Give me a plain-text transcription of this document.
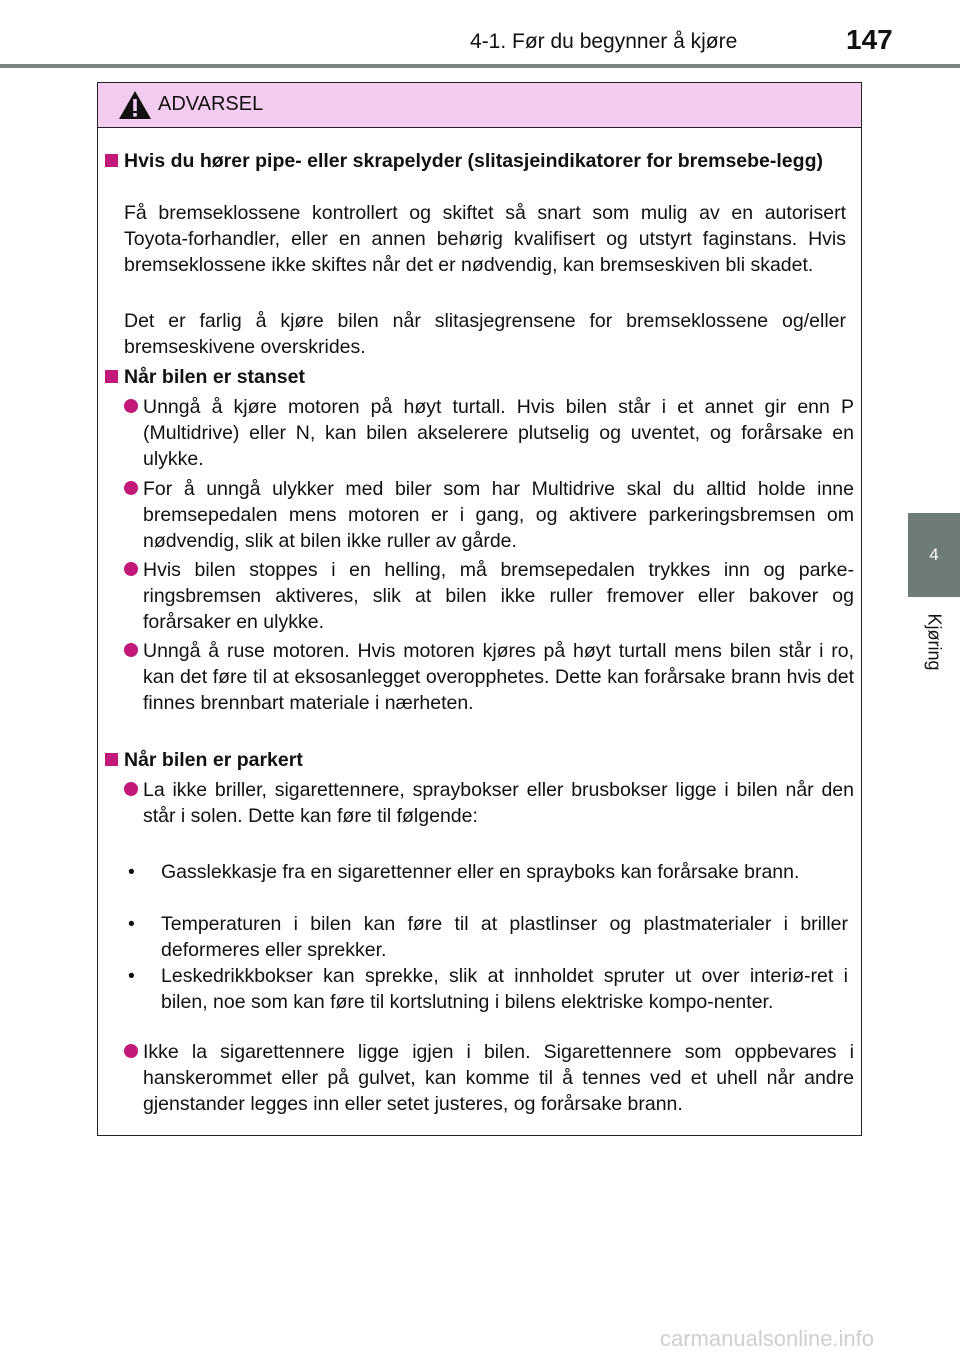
4-1. Før du begynner å kjøre	147
4
Kjøring
ADVARSEL
Hvis du hører pipe- eller skrapelyder (slitasjeindikatorer for bremsebe-legg)
Få bremseklossene kontrollert og skiftet så snart som mulig av en autorisert Toyota-forhandler, eller en annen behørig kvalifisert og utstyrt faginstans. Hvis bremseklossene ikke skiftes når det er nødvendig, kan bremseskiven bli skadet.
Det er farlig å kjøre bilen når slitasjegrensene for bremseklossene og/eller bremseskivene overskrides.
Når bilen er stanset
Unngå å kjøre motoren på høyt turtall. Hvis bilen står i et annet gir enn P (Multidrive) eller N, kan bilen akselerere plutselig og uventet, og forårsake en ulykke.
For å unngå ulykker med biler som har Multidrive skal du alltid holde inne bremsepedalen mens motoren er i gang, og aktivere parkeringsbremsen om nødvendig, slik at bilen ikke ruller av gårde.
Hvis bilen stoppes i en helling, må bremsepedalen trykkes inn og parke-ringsbremsen aktiveres, slik at bilen ikke ruller fremover eller bakover og forårsaker en ulykke.
Unngå å ruse motoren. Hvis motoren kjøres på høyt turtall mens bilen står i ro, kan det føre til at eksosanlegget overopphetes. Dette kan forårsake brann hvis det finnes brennbart materiale i nærheten.
Når bilen er parkert
La ikke briller, sigarettennere, spraybokser eller brusbokser ligge i bilen når den står i solen. Dette kan føre til følgende:
• Gasslekkasje fra en sigarettenner eller en sprayboks kan forårsake brann.
• Temperaturen i bilen kan føre til at plastlinser og plastmaterialer i briller deformeres eller sprekker.
• Leskedrikkbokser kan sprekke, slik at innholdet spruter ut over interiø-ret i bilen, noe som kan føre til kortslutning i bilens elektriske kompo-nenter.
Ikke la sigarettennere ligge igjen i bilen. Sigarettennere som oppbevares i hanskerommet eller på gulvet, kan komme til å tennes ved et uhell når andre gjenstander legges inn eller setet justeres, og forårsake brann.
carmanualsonline.info
